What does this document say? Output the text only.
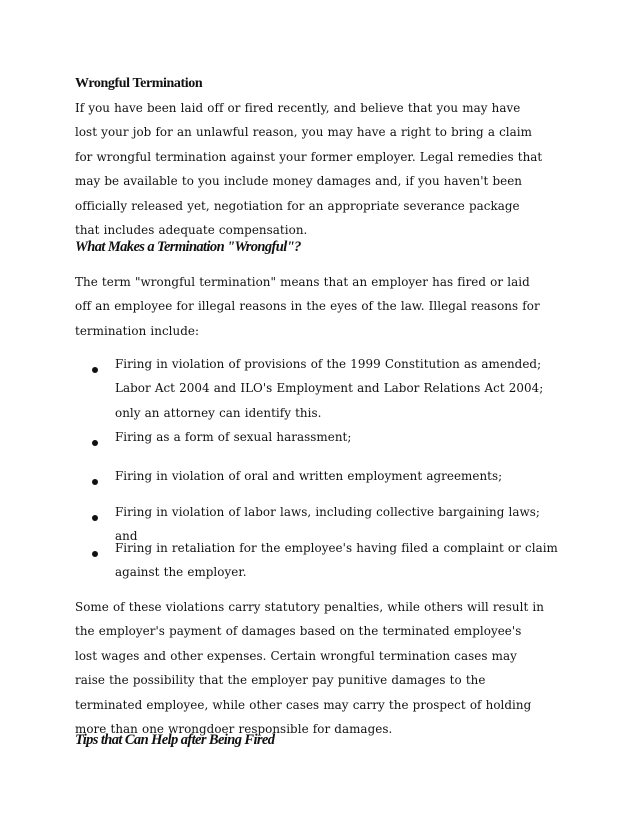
Wrongful Termination

If you have been laid off or fired recently, and believe that you may have lost your job for an unlawful reason, you may have a right to bring a claim for wrongful termination against your former employer. Legal remedies that may be available to you include money damages and, if you haven't been officially released yet, negotiation for an appropriate severance package that includes adequate compensation.

What Makes a Termination "Wrongful"?

The term "wrongful termination" means that an employer has fired or laid off an employee for illegal reasons in the eyes of the law. Illegal reasons for termination include:

Firing in violation of provisions of the 1999 Constitution as amended; Labor Act 2004 and ILO's Employment and Labor Relations Act 2004; only an attorney can identify this.
Firing as a form of sexual harassment;
Firing in violation of oral and written employment agreements;
Firing in violation of labor laws, including collective bargaining laws; and
Firing in retaliation for the employee's having filed a complaint or claim against the employer.

Some of these violations carry statutory penalties, while others will result in the employer's payment of damages based on the terminated employee's lost wages and other expenses. Certain wrongful termination cases may raise the possibility that the employer pay punitive damages to the terminated employee, while other cases may carry the prospect of holding more than one wrongdoer responsible for damages.

Tips that Can Help after Being Fired
